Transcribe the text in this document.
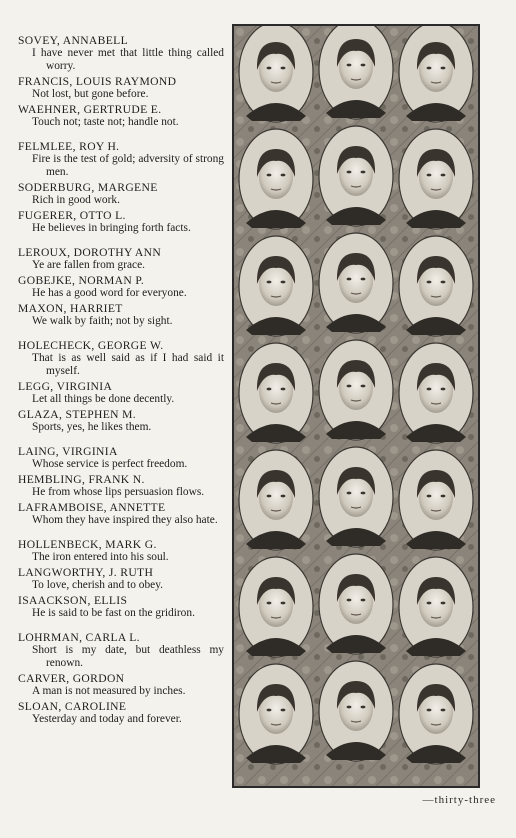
SOVEY, ANNABELL
I have never met that little thing called worry.
FRANCIS, LOUIS RAYMOND
Not lost, but gone before.
WAEHNER, GERTRUDE E.
Touch not; taste not; handle not.
FELMLEE, ROY H.
Fire is the test of gold; adversity of strong men.
SODERBURG, MARGENE
Rich in good work.
FUGERER, OTTO L.
He believes in bringing forth facts.
LEROUX, DOROTHY ANN
Ye are fallen from grace.
GOBEJKE, NORMAN P.
He has a good word for everyone.
MAXON, HARRIET
We walk by faith; not by sight.
HOLECHECK, GEORGE W.
That is as well said as if I had said it myself.
LEGG, VIRGINIA
Let all things be done decently.
GLAZA, STEPHEN M.
Sports, yes, he likes them.
LAING, VIRGINIA
Whose service is perfect freedom.
HEMBLING, FRANK N.
He from whose lips persuasion flows.
LAFRAMBOISE, ANNETTE
Whom they have inspired they also hate.
HOLLENBECK, MARK G.
The iron entered into his soul.
LANGWORTHY, J. RUTH
To love, cherish and to obey.
ISAACKSON, ELLIS
He is said to be fast on the gridiron.
LOHRMAN, CARLA L.
Short is my date, but deathless my renown.
CARVER, GORDON
A man is not measured by inches.
SLOAN, CAROLINE
Yesterday and today and forever.
—thirty-three
